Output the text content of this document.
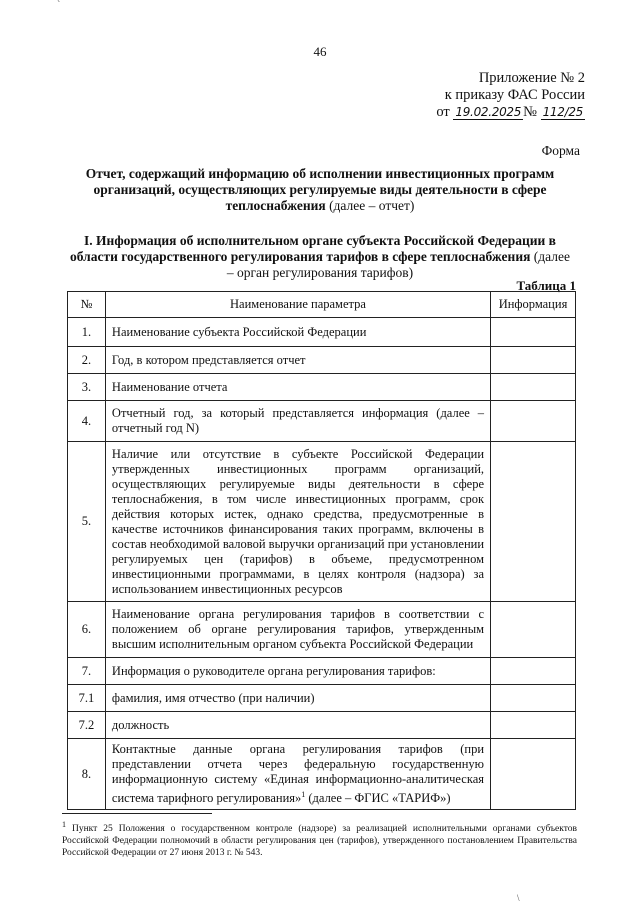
`
46
Приложение № 2
к приказу ФАС России
от 19.02.2025 № 112/25
Форма
Отчет, содержащий информацию об исполнении инвестиционных программ организаций, осуществляющих регулируемые виды деятельности в сфере теплоснабжения (далее – отчет)
I. Информация об исполнительном органе субъекта Российской Федерации в области государственного регулирования тарифов в сфере теплоснабжения (далее – орган регулирования тарифов)
Таблица 1
№	Наименование параметра	Информация
1.	Наименование субъекта Российской Федерации	
2.	Год, в котором представляется отчет	
3.	Наименование отчета	
4.	Отчетный год, за который представляется информация (далее – отчетный год N)	
5.	Наличие или отсутствие в субъекте Российской Федерации утвержденных инвестиционных программ организаций, осуществляющих регулируемые виды деятельности в сфере теплоснабжения, в том числе инвестиционных программ, срок действия которых истек, однако средства, предусмотренные в качестве источников финансирования таких программ, включены в состав необходимой валовой выручки организаций при установлении регулируемых цен (тарифов) в объеме, предусмотренном инвестиционными программами, в целях контроля (надзора) за использованием инвестиционных ресурсов	
6.	Наименование органа регулирования тарифов в соответствии с положением об органе регулирования тарифов, утвержденным высшим исполнительным органом субъекта Российской Федерации	
7.	Информация о руководителе органа регулирования тарифов:	
7.1	фамилия, имя отчество (при наличии)	
7.2	должность	
8.	Контактные данные органа регулирования тарифов (при представлении отчета через федеральную государственную информационную систему «Единая информационно-аналитическая система тарифного регулирования»$^1$ (далее – ФГИС «ТАРИФ»)	
$^1$ Пункт 25 Положения о государственном контроле (надзоре) за реализацией исполнительными органами субъектов Российской Федерации полномочий в области регулирования цен (тарифов), утвержденного постановлением Правительства Российской Федерации от 27 июня 2013 г. № 543.
\
